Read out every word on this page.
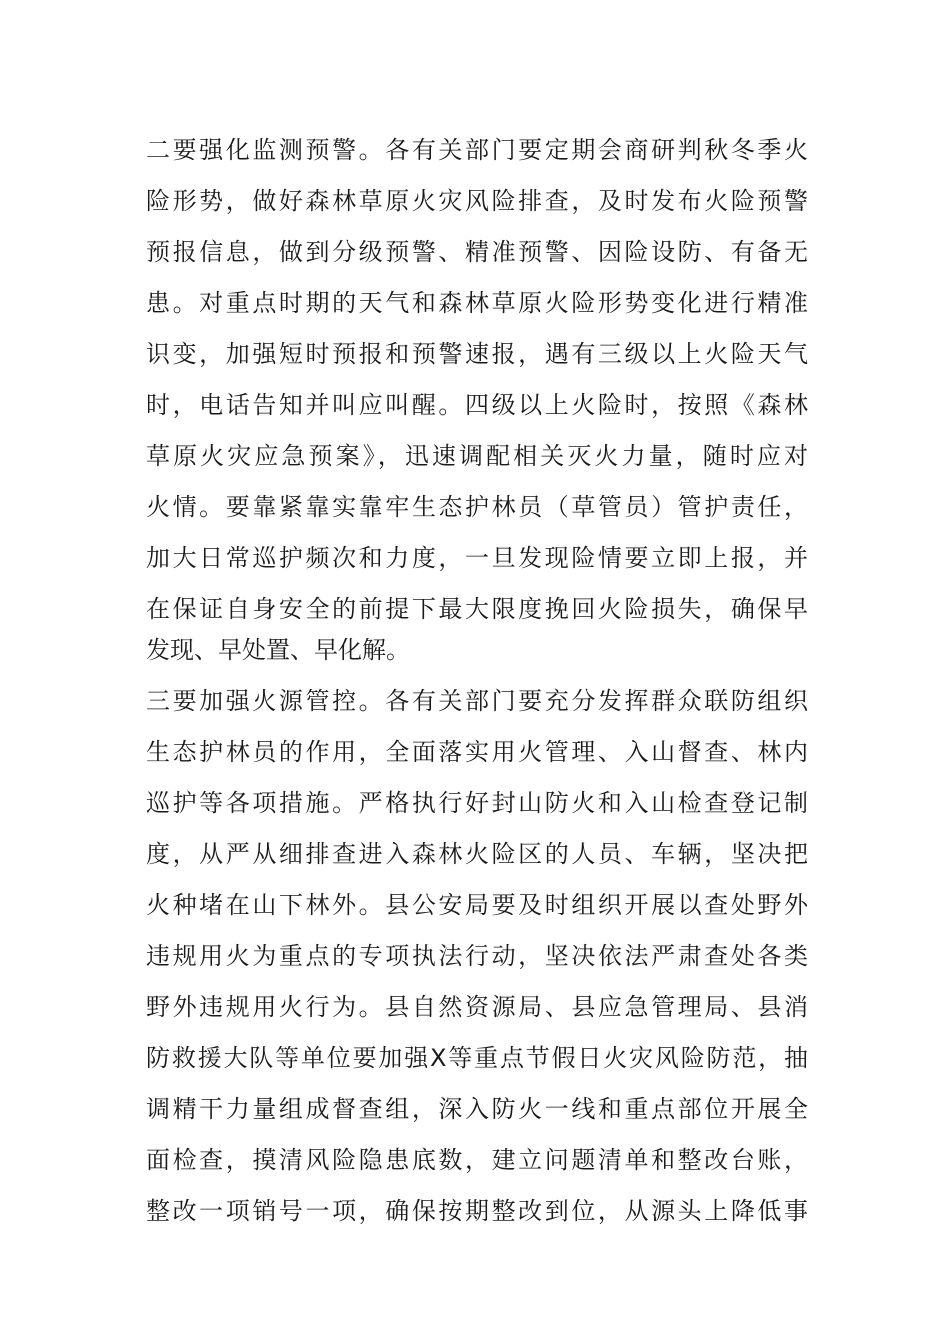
二要强化监测预警。各有关部门要定期会商研判秋冬季火
险形势，做好森林草原火灾风险排查，及时发布火险预警
预报信息，做到分级预警、精准预警、因险设防、有备无
患。对重点时期的天气和森林草原火险形势变化进行精准
识变，加强短时预报和预警速报，遇有三级以上火险天气
时，电话告知并叫应叫醒。四级以上火险时，按照《森林
草原火灾应急预案》，迅速调配相关灭火力量，随时应对
火情。要靠紧靠实靠牢生态护林员（草管员）管护责任，
加大日常巡护频次和力度，一旦发现险情要立即上报，并
在保证自身安全的前提下最大限度挽回火险损失，确保早
发现、早处置、早化解。
三要加强火源管控。各有关部门要充分发挥群众联防组织
生态护林员的作用，全面落实用火管理、入山督查、林内
巡护等各项措施。严格执行好封山防火和入山检查登记制
度，从严从细排查进入森林火险区的人员、车辆，坚决把
火种堵在山下林外。县公安局要及时组织开展以查处野外
违规用火为重点的专项执法行动，坚决依法严肃查处各类
野外违规用火行为。县自然资源局、县应急管理局、县消
防救援大队等单位要加强X等重点节假日火灾风险防范，抽
调精干力量组成督查组，深入防火一线和重点部位开展全
面检查，摸清风险隐患底数，建立问题清单和整改台账，
整改一项销号一项，确保按期整改到位，从源头上降低事
